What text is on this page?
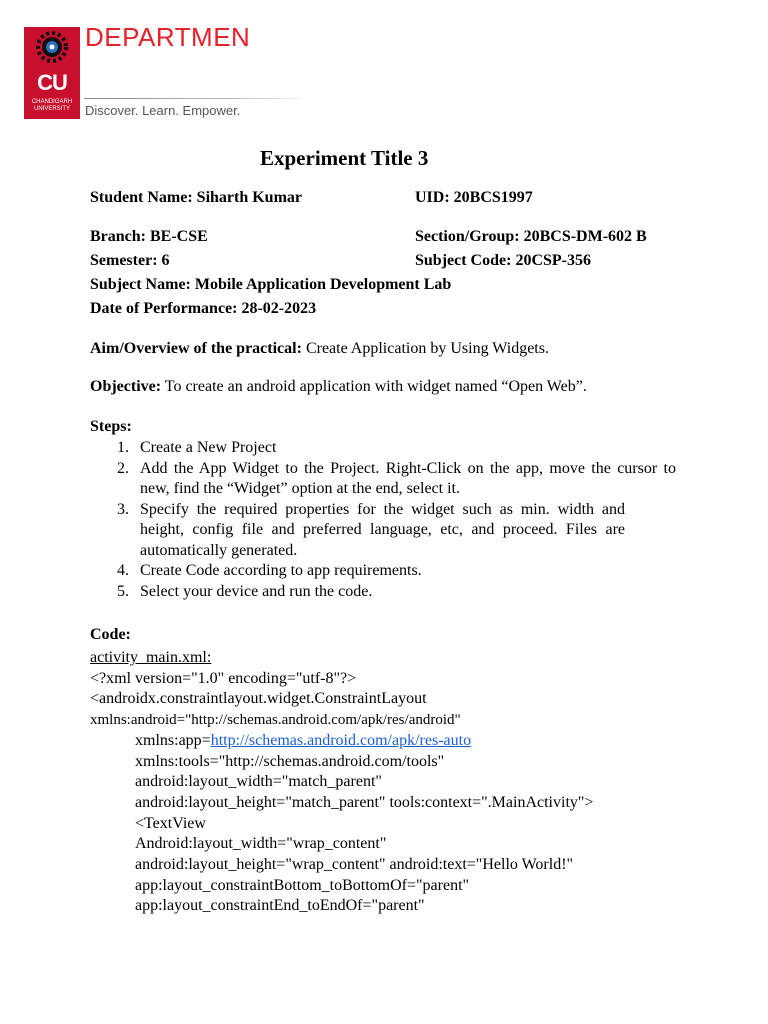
CU
CHANDIGARH UNIVERSITY
DEPARTMEN
Discover. Learn. Empower.
Experiment Title 3
Student Name: Siharth Kumar	UID: 20BCS1997
Branch: BE-CSE	Section/Group: 20BCS-DM-602 B
Semester: 6	Subject Code: 20CSP-356
Subject Name: Mobile Application Development Lab
Date of Performance: 28-02-2023
Aim/Overview of the practical: Create Application by Using Widgets.
Objective: To create an android application with widget named “Open Web”.
Steps:
1. Create a New Project
2. Add the App Widget to the Project. Right-Click on the app, move the cursor to new, find the “Widget” option at the end, select it.
3. Specify the required properties for the widget such as min. width and height, config file and preferred language, etc, and proceed. Files are automatically generated.
4. Create Code according to app requirements.
5. Select your device and run the code.
Code:
activity_main.xml:
<?xml version="1.0" encoding="utf-8"?>
<androidx.constraintlayout.widget.ConstraintLayout
xmlns:android="http://schemas.android.com/apk/res/android"
xmlns:app=http://schemas.android.com/apk/res-auto
xmlns:tools="http://schemas.android.com/tools"
android:layout_width="match_parent"
android:layout_height="match_parent" tools:context=".MainActivity">
<TextView
Android:layout_width="wrap_content"
android:layout_height="wrap_content" android:text="Hello World!"
app:layout_constraintBottom_toBottomOf="parent"
app:layout_constraintEnd_toEndOf="parent"
